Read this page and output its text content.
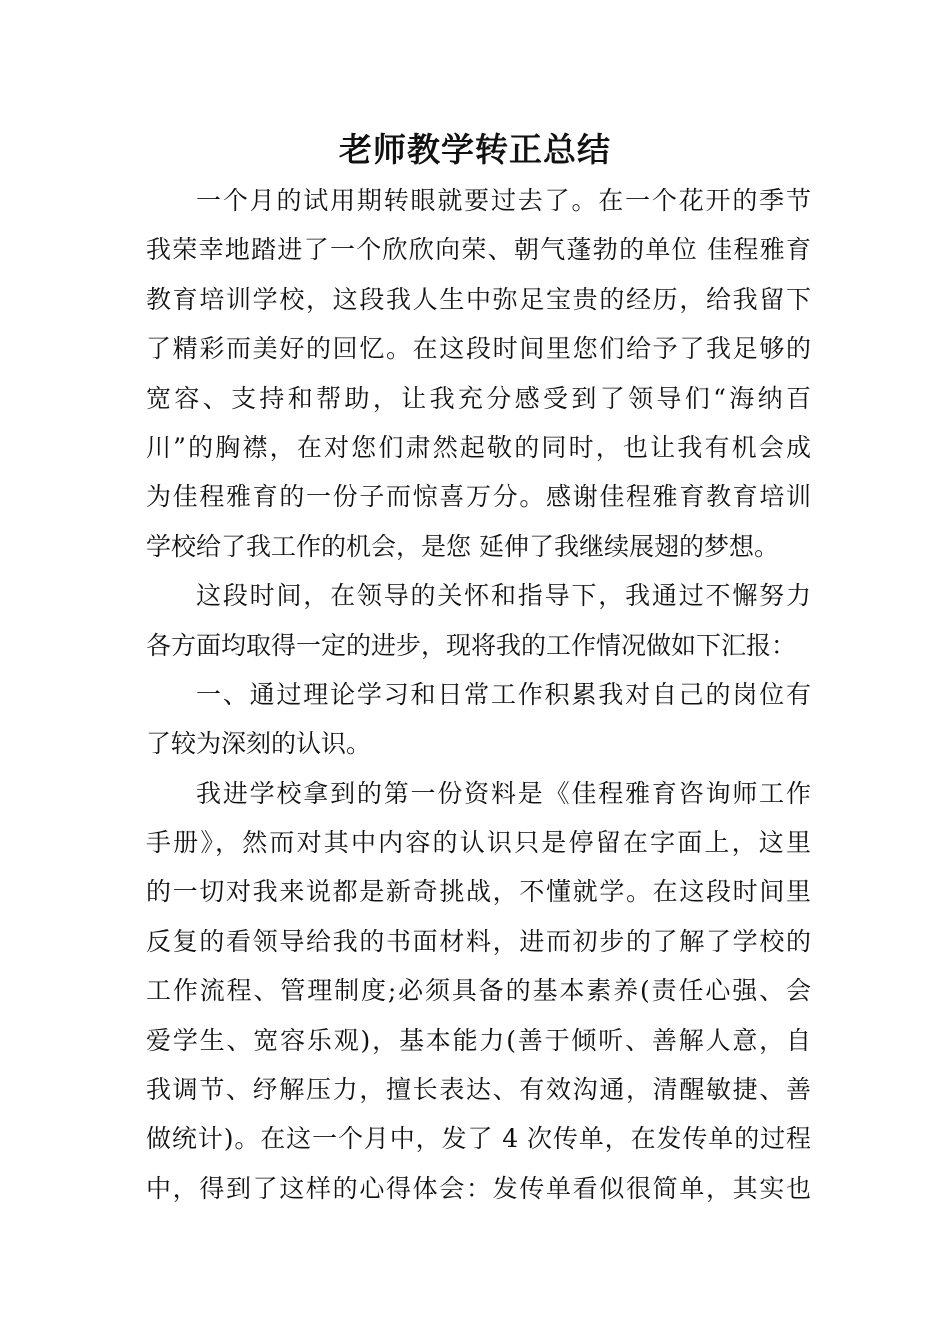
老师教学转正总结
一个月的试用期转眼就要过去了。在一个花开的季节
我荣幸地踏进了一个欣欣向荣、朝气蓬勃的单位 佳程雅育
教育培训学校，这段我人生中弥足宝贵的经历，给我留下
了精彩而美好的回忆。在这段时间里您们给予了我足够的
宽容、支持和帮助，让我充分感受到了领导们“海纳百
川”的胸襟，在对您们肃然起敬的同时，也让我有机会成
为佳程雅育的一份子而惊喜万分。感谢佳程雅育教育培训
学校给了我工作的机会，是您 延伸了我继续展翅的梦想。
这段时间，在领导的关怀和指导下，我通过不懈努力
各方面均取得一定的进步，现将我的工作情况做如下汇报：
一、通过理论学习和日常工作积累我对自己的岗位有
了较为深刻的认识。
我进学校拿到的第一份资料是《佳程雅育咨询师工作
手册》，然而对其中内容的认识只是停留在字面上，这里
的一切对我来说都是新奇挑战，不懂就学。在这段时间里
反复的看领导给我的书面材料，进而初步的了解了学校的
工作流程、管理制度;必须具备的基本素养(责任心强、会
爱学生、宽容乐观)，基本能力(善于倾听、善解人意，自
我调节、纾解压力，擅长表达、有效沟通，清醒敏捷、善
做统计)。在这一个月中，发了 4 次传单，在发传单的过程
中，得到了这样的心得体会：发传单看似很简单，其实也
